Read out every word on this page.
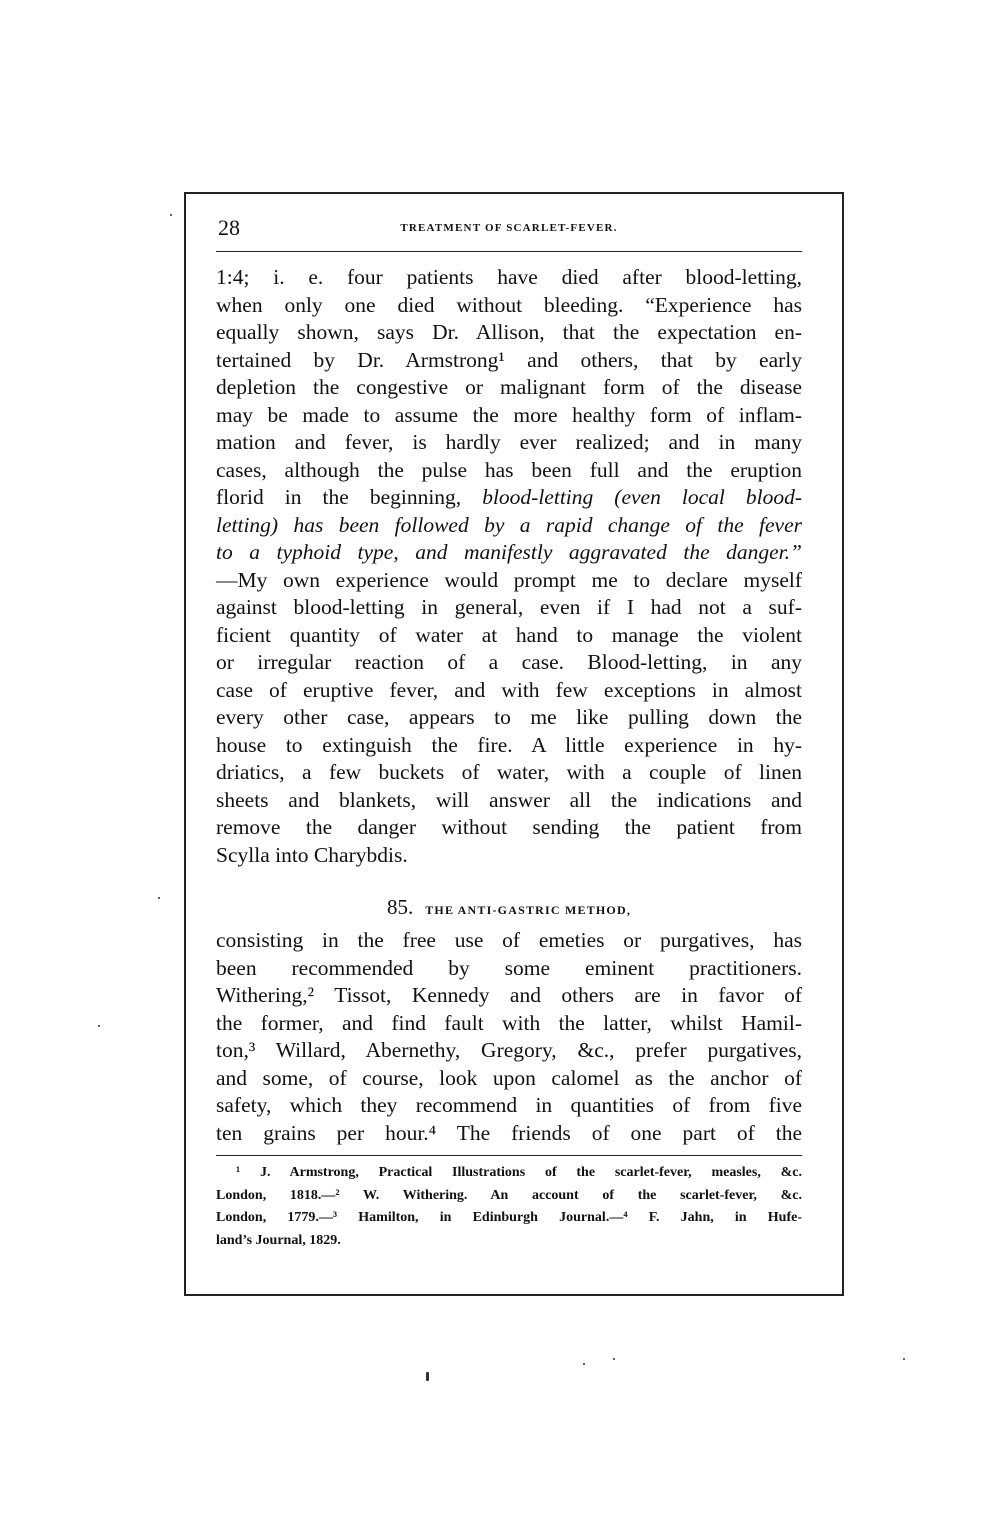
28	TREATMENT OF SCARLET-FEVER.
1:4; i. e. four patients have died after blood-letting,
when only one died without bleeding. “Experience has
equally shown, says Dr. Allison, that the expectation en-
tertained by Dr. Armstrong¹ and others, that by early
depletion the congestive or malignant form of the disease
may be made to assume the more healthy form of inflam-
mation and fever, is hardly ever realized; and in many
cases, although the pulse has been full and the eruption
florid in the beginning, blood-letting (even local blood-
letting) has been followed by a rapid change of the fever
to a typhoid type, and manifestly aggravated the danger.”
—My own experience would prompt me to declare myself
against blood-letting in general, even if I had not a suf-
ficient quantity of water at hand to manage the violent
or irregular reaction of a case. Blood-letting, in any
case of eruptive fever, and with few exceptions in almost
every other case, appears to me like pulling down the
house to extinguish the fire. A little experience in hy-
driatics, a few buckets of water, with a couple of linen
sheets and blankets, will answer all the indications and
remove the danger without sending the patient from
Scylla into Charybdis.
85. THE ANTI-GASTRIC METHOD,
consisting in the free use of emeties or purgatives, has
been recommended by some eminent practitioners.
Withering,² Tissot, Kennedy and others are in favor of
the former, and find fault with the latter, whilst Hamil-
ton,³ Willard, Abernethy, Gregory, &c., prefer purgatives,
and some, of course, look upon calomel as the anchor of
safety, which they recommend in quantities of from five
ten grains per hour.⁴ The friends of one part of the
¹ J. Armstrong, Practical Illustrations of the scarlet-fever, measles, &c.
London, 1818.—² W. Withering. An account of the scarlet-fever, &c.
London, 1779.—³ Hamilton, in Edinburgh Journal.—⁴ F. Jahn, in Hufe-
land’s Journal, 1829.
